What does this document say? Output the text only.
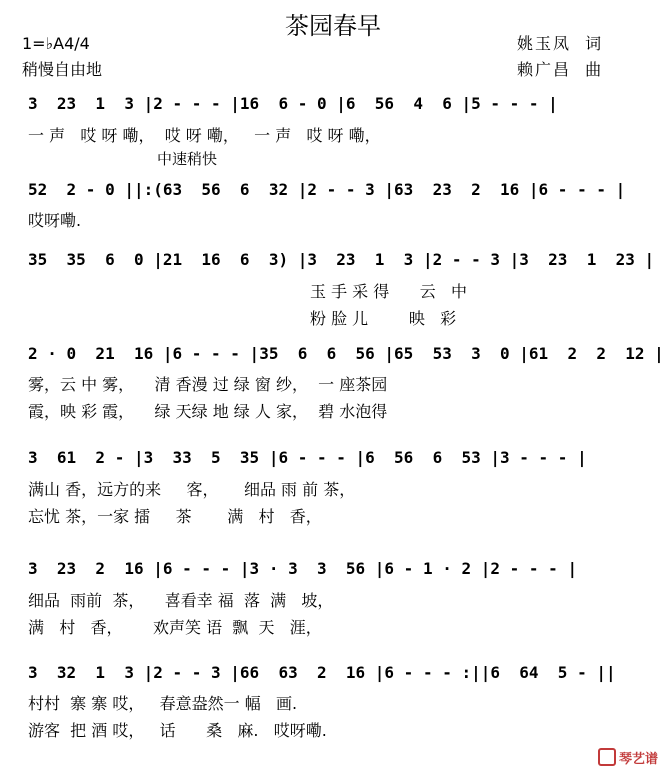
茶园春早
1=♭A4/4
稍慢自由地
姚玉凤  词
赖广昌  曲
中速稍快
3  23  1  3 |2 - - - |16  6 - 0 |6  56  4  6 |5 - - - |
一 声   哎 呀 嘞，  哎 呀 嘞，   一 声   哎 呀 嘞，
52  2 - 0 ||:(63  56  6  32 |2 - - 3 |63  23  2  16 |6 - - - |
哎呀嘞.
35  35  6  0 |21  16  6  3) |3  23  1  3 |2 - - 3 |3  23  1  23 |
玉 手 采 得      云   中
粉 脸 儿        映   彩
2 · 0  21  16 |6 - - - |35  6  6  56 |65  53  3  0 |61  2  2  12 |
雾，云 中 雾，    清 香漫 过 绿 窗 纱，  一 座茶园
霞，映 彩 霞，    绿 天绿 地 绿 人 家，  碧 水泡得
3  61  2 - |3  33  5  35 |6 - - - |6  56  6  53 |3 - - - |
满山 香，远方的来     客，     细品 雨 前 茶，
忘忧 茶，一家 擂     茶       满   村   香，
3  23  2  16 |6 - - - |3 · 3  3  56 |6 - 1 · 2 |2 - - - |
细品  雨前  茶，    喜看幸 福  落  满   坡，
满   村   香，      欢声笑 语  飘  天   涯，
3  32  1  3 |2 - - 3 |66  63  2  16 |6 - - - :||6  64  5 - ||
村村  寨 寨 哎，   春意盎然一 幅   画.
游客  把 酒 哎，   话      桑   麻.   哎呀嘞.

琴艺谱
